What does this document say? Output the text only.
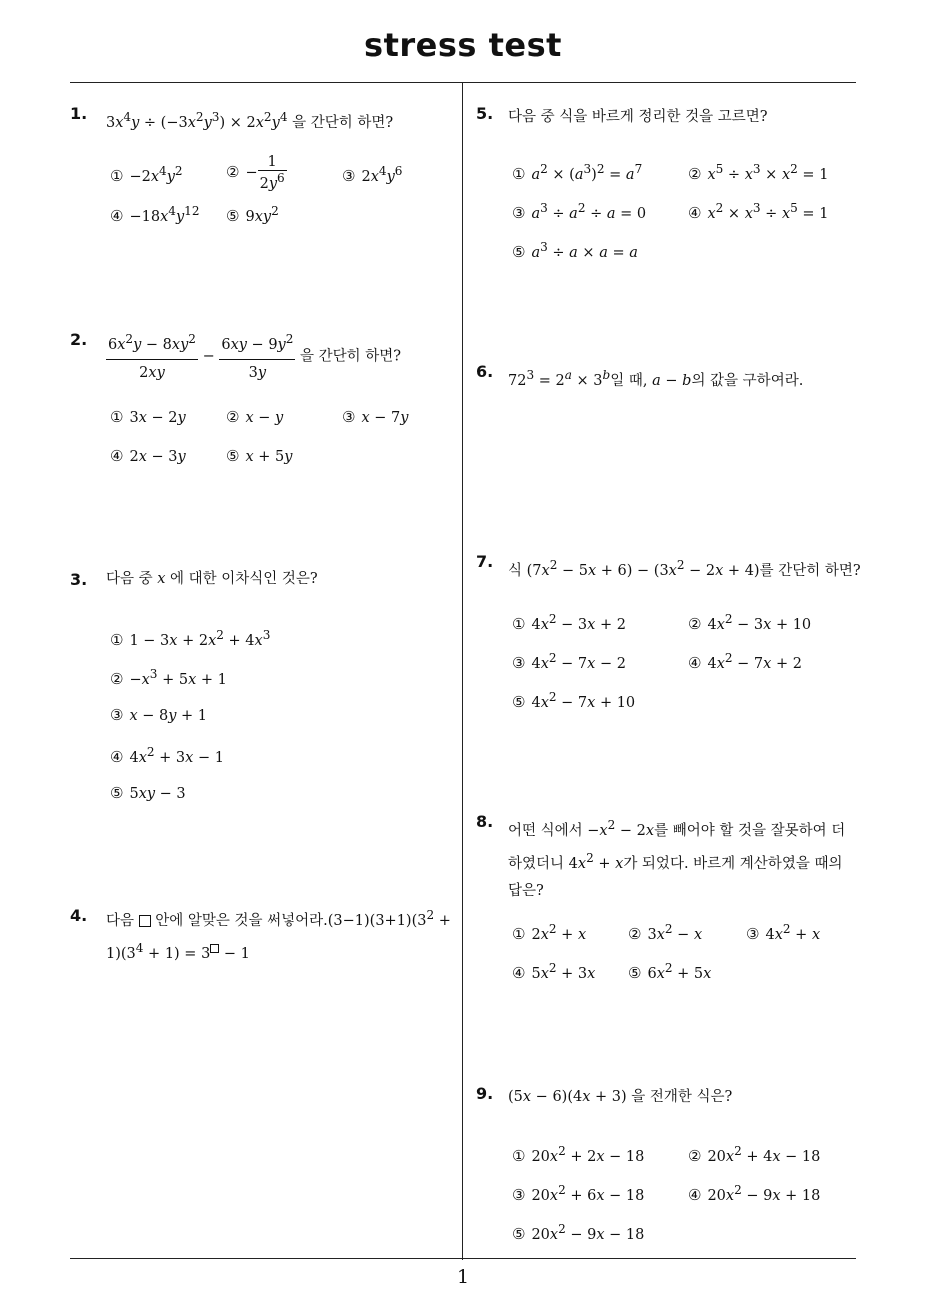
stress test
1
1. $3x^4y \div (-3x^2y^3) \times 2x^2y^4$ 을 간단히 하면?
① $-2x^4y^2$	② − $\frac{1}{2y^6}$	③ $2x^4y^6$
④ $-18x^4y^{12}$ ⑤ $9xy^2$
2. $\frac{6x^2y - 8xy^2}{2xy} - \frac{6xy - 9y^2}{3y}$ 을 간단히 하면?
① 3x − 2y	② x − y	③ x − 7y
④ 2x − 3y	⑤ x + 5y
3. 다음 중 x 에 대한 이차식인 것은?
① $1 - 3x + 2x^2 + 4x^3$
② $-x^3 + 5x + 1$
③ x − 8y + 1
④ $4x^2 + 3x - 1$
⑤ 5xy − 3
4. 다음 안에 알맞은 것을 써넣어라$.(3-1)(3+1)(3^2 + 1)(3^4 + 1) = 3 - 1$
5. 다음 중 식을 바르게 정리한 것을 고르면?
① $a^2 \times (a^3)^2 = a^7$	② $x^5 \div x^3 \times x^2 = 1$
③ $a^3 \div a^2 \div a = 0$	④ $x^2 \times x^3 \div x^5 = 1$
⑤ $a^3 \div a \times a = a$
6. $72^3 = 2^a \times 3^b$일 때, a − b의 값을 구하여라.
7. 식 $(7x^2 - 5x + 6) - (3x^2 - 2x + 4)$를 간단히 하면?
① $4x^2 - 3x + 2$	② $4x^2 - 3x + 10$
③ $4x^2 - 7x - 2$	④ $4x^2 - 7x + 2$
⑤ $4x^2 - 7x + 10$
8. 어떤 식에서 $-x^2 - 2x$를 빼어야 할 것을 잘못하여 더
하였더니 $4x^2 + x$가 되었다. 바르게 계산하였을 때의
답은?
① $2x^2 + x$	② $3x^2 - x$	③ $4x^2 + x$
④ $5x^2 + 3x$ ⑤ $6x^2 + 5x$
9. (5x − 6)(4x + 3) 을 전개한 식은?
① $20x^2 + 2x - 18$	② $20x^2 + 4x - 18$
③ $20x^2 + 6x - 18$	④ $20x^2 - 9x + 18$
⑤ $20x^2 - 9x - 18$
